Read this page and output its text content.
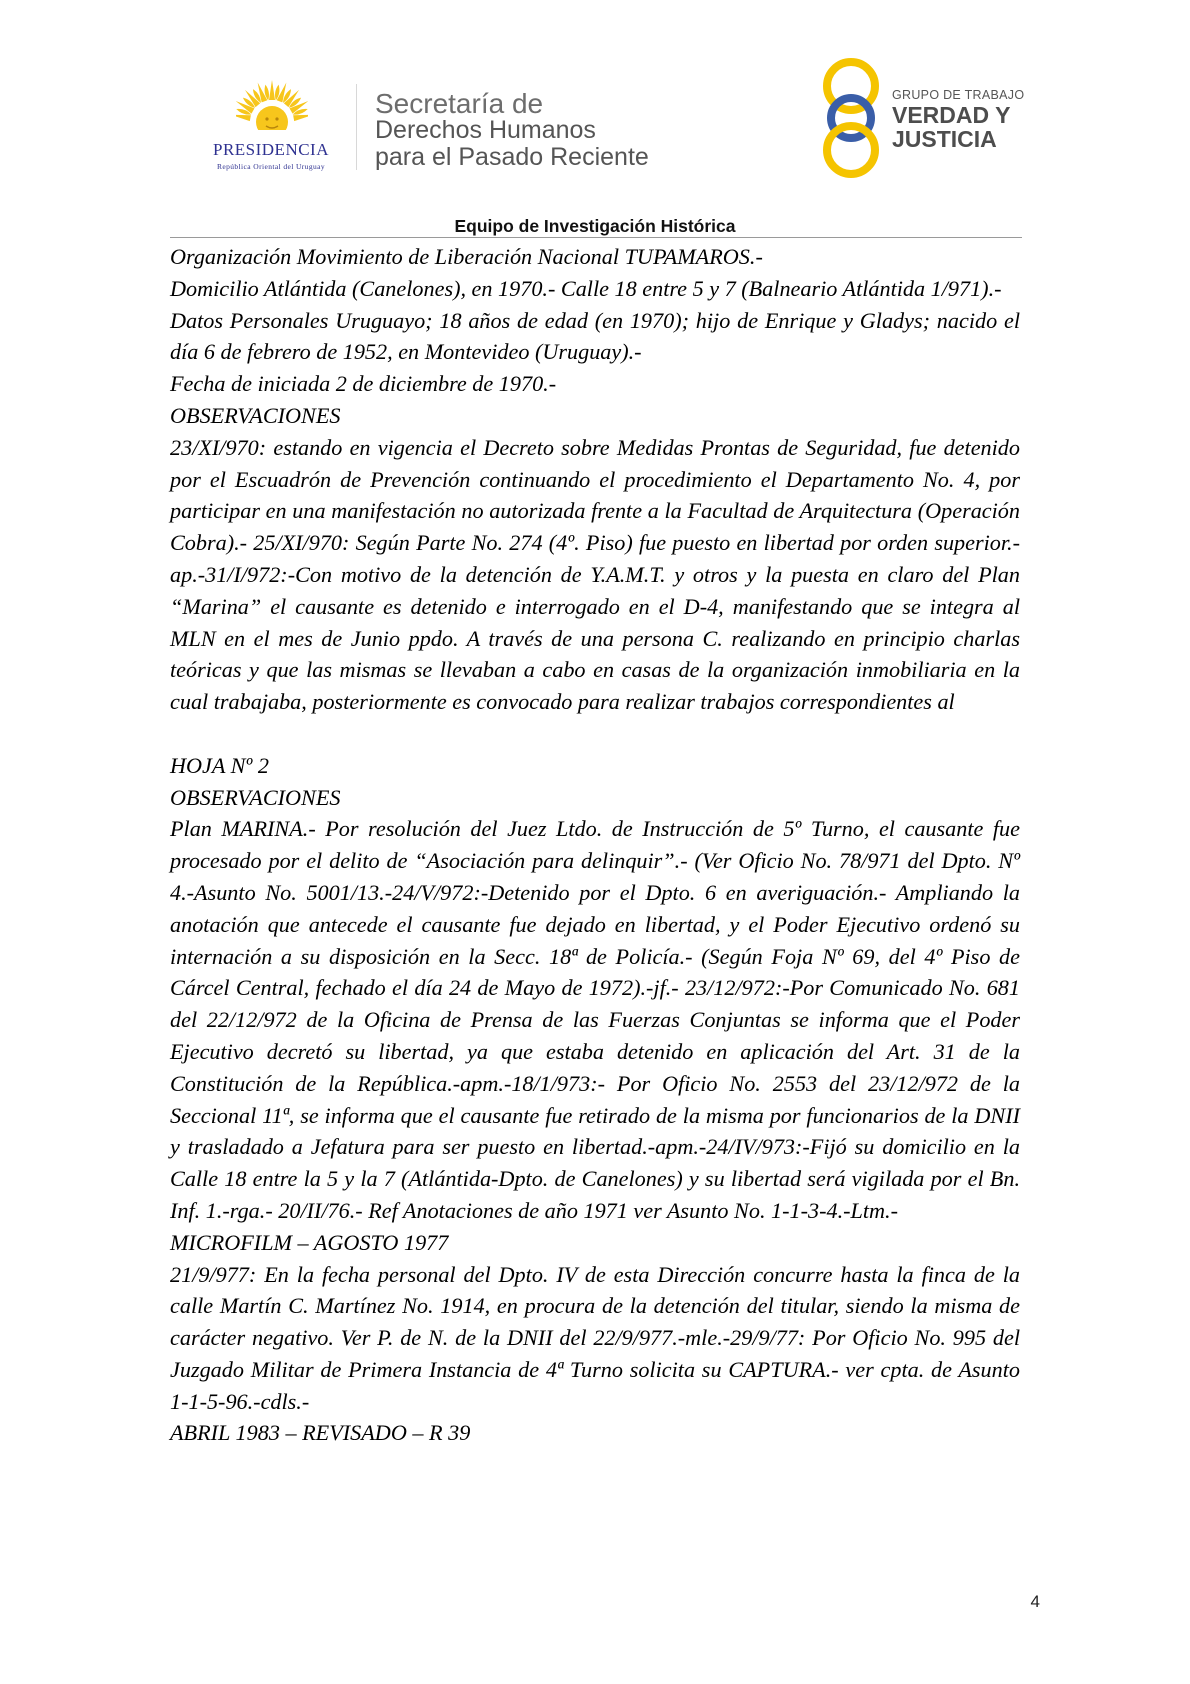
PRESIDENCIA
República Oriental del Uruguay
Secretaría de
Derechos Humanos
para el Pasado Reciente
GRUPO DE TRABAJO
VERDAD Y
JUSTICIA
Equipo de Investigación Histórica

Organización Movimiento de Liberación Nacional TUPAMAROS.-

Domicilio Atlántida (Canelones), en 1970.- Calle 18 entre 5 y 7 (Balneario Atlántida 1/971).-

Datos Personales Uruguayo; 18 años de edad (en 1970); hijo de Enrique y Gladys; nacido el día 6 de febrero de 1952, en Montevideo (Uruguay).-

Fecha de iniciada 2 de diciembre de 1970.-

OBSERVACIONES

23/XI/970: estando en vigencia el Decreto sobre Medidas Prontas de Seguridad, fue detenido por el Escuadrón de Prevención continuando el procedimiento el Departamento No. 4, por participar en una manifestación no autorizada frente a la Facultad de Arquitectura (Operación Cobra).- 25/XI/970: Según Parte No. 274 (4º. Piso) fue puesto en libertad por orden superior.-ap.-31/I/972:-Con motivo de la detención de Y.A.M.T. y otros y la puesta en claro del Plan “Marina” el causante es detenido e interrogado en el D-4, manifestando que se integra al MLN en el mes de Junio ppdo. A través de una persona C. realizando en principio charlas teóricas y que las mismas se llevaban a cabo en casas de la organización inmobiliaria en la cual trabajaba, posteriormente es convocado para realizar trabajos correspondientes al

HOJA Nº 2

OBSERVACIONES

Plan MARINA.- Por resolución del Juez Ltdo. de Instrucción de 5º Turno, el causante fue procesado por el delito de “Asociación para delinquir”.- (Ver Oficio No. 78/971 del Dpto. Nº 4.-Asunto No. 5001/13.-24/V/972:-Detenido por el Dpto. 6 en averiguación.- Ampliando la anotación que antecede el causante fue dejado en libertad, y el Poder Ejecutivo ordenó su internación a su disposición en la Secc. 18ª de Policía.- (Según Foja Nº 69, del 4º Piso de Cárcel Central, fechado el día 24 de Mayo de 1972).-jf.- 23/12/972:-Por Comunicado No. 681 del 22/12/972 de la Oficina de Prensa de las Fuerzas Conjuntas se informa que el Poder Ejecutivo decretó su libertad, ya que estaba detenido en aplicación del Art. 31 de la Constitución de la República.-apm.-18/1/973:- Por Oficio No. 2553 del 23/12/972 de la Seccional 11ª, se informa que el causante fue retirado de la misma por funcionarios de la DNII y trasladado a Jefatura para ser puesto en libertad.-apm.-24/IV/973:-Fijó su domicilio en la Calle 18 entre la 5 y la 7 (Atlántida-Dpto. de Canelones) y su libertad será vigilada por el Bn. Inf. 1.-rga.- 20/II/76.- Ref Anotaciones de año 1971 ver Asunto No. 1-1-3-4.-Ltm.-

MICROFILM – AGOSTO 1977

21/9/977: En la fecha personal del Dpto. IV de esta Dirección concurre hasta la finca de la calle Martín C. Martínez No. 1914, en procura de la detención del titular, siendo la misma de carácter negativo. Ver P. de N. de la DNII del 22/9/977.-mle.-29/9/77: Por Oficio No. 995 del Juzgado Militar de Primera Instancia de 4ª Turno solicita su CAPTURA.- ver cpta. de Asunto 1-1-5-96.-cdls.-

ABRIL 1983 – REVISADO – R 39

4
